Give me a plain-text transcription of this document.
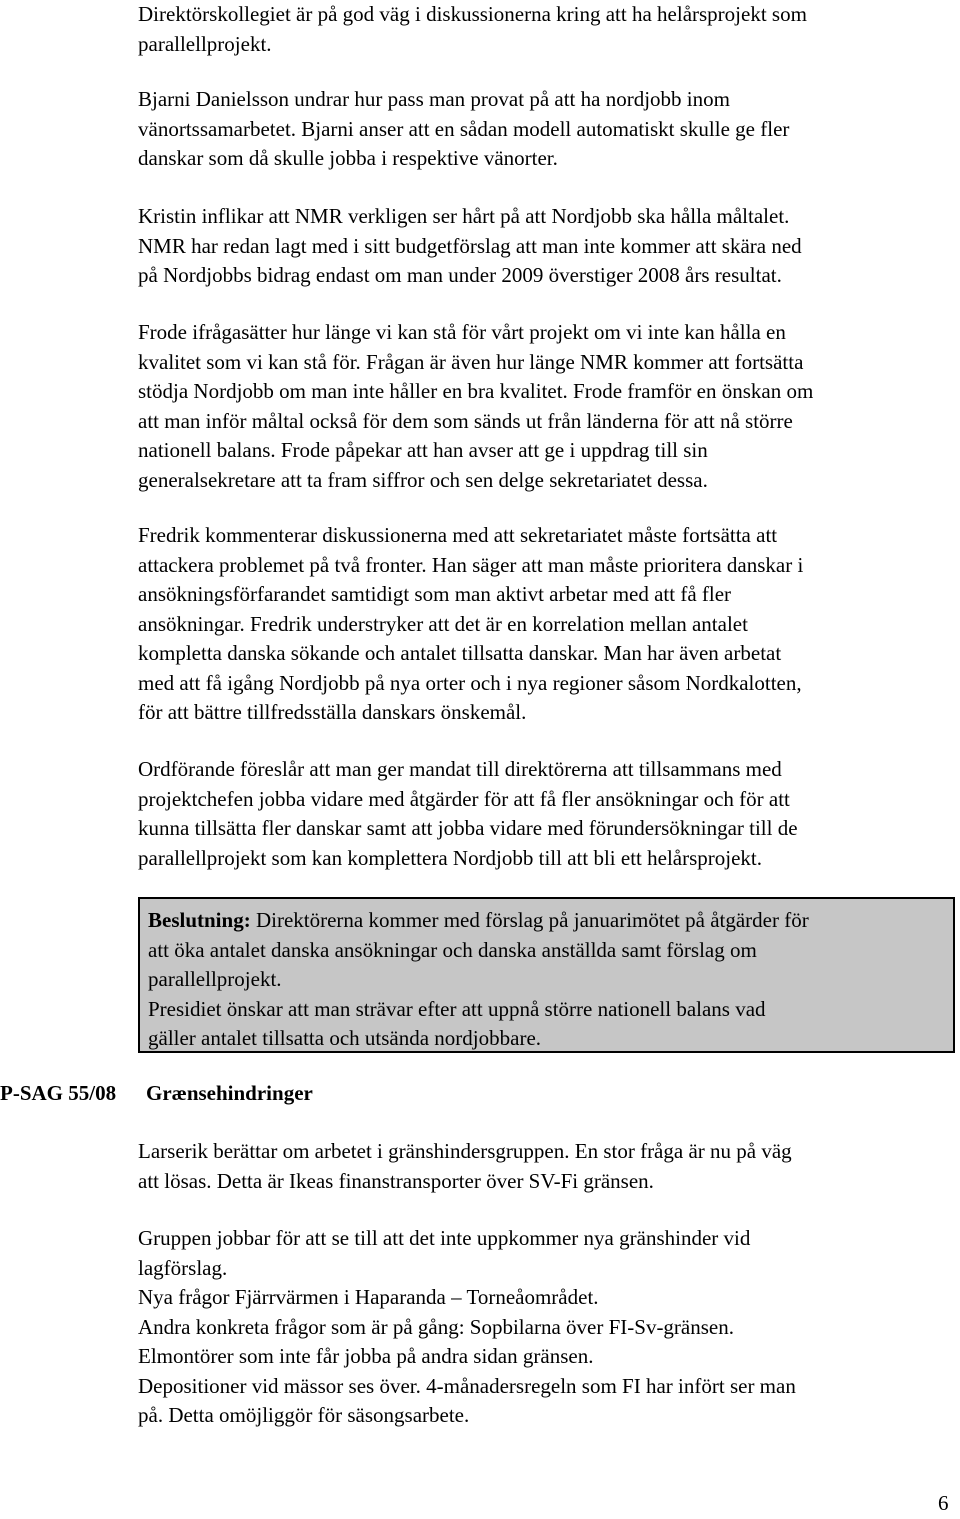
Direktörskollegiet är på god väg i diskussionerna kring att ha helårsprojekt som
parallellprojekt.
Bjarni Danielsson undrar hur pass man provat på att ha nordjobb inom
vänortssamarbetet. Bjarni anser att en sådan modell automatiskt skulle ge fler
danskar som då skulle jobba i respektive vänorter.
Kristin inflikar att NMR verkligen ser hårt på att Nordjobb ska hålla måltalet.
NMR har redan lagt med i sitt budgetförslag att man inte kommer att skära ned
på Nordjobbs bidrag endast om man under 2009 överstiger 2008 års resultat.
Frode ifrågasätter hur länge vi kan stå för vårt projekt om vi inte kan hålla en
kvalitet som vi kan stå för. Frågan är även hur länge NMR kommer att fortsätta
stödja Nordjobb om man inte håller en bra kvalitet. Frode framför en önskan om
att man inför måltal också för dem som sänds ut från länderna för att nå större
nationell balans. Frode påpekar att han avser att ge i uppdrag till sin
generalsekretare att ta fram siffror och sen delge sekretariatet dessa.
Fredrik kommenterar diskussionerna med att sekretariatet måste fortsätta att
attackera problemet på två fronter. Han säger att man måste prioritera danskar i
ansökningsförfarandet samtidigt som man aktivt arbetar med att få fler
ansökningar. Fredrik understryker att det är en korrelation mellan antalet
kompletta danska sökande och antalet tillsatta danskar. Man har även arbetat
med att få igång Nordjobb på nya orter och i nya regioner såsom Nordkalotten,
för att bättre tillfredsställa danskars önskemål.
Ordförande föreslår att man ger mandat till direktörerna att tillsammans med
projektchefen jobba vidare med åtgärder för att få fler ansökningar och för att
kunna tillsätta fler danskar samt att jobba vidare med förundersökningar till de
parallellprojekt som kan komplettera Nordjobb till att bli ett helårsprojekt.
Beslutning: Direktörerna kommer med förslag på januarimötet på åtgärder för
att öka antalet danska ansökningar och danska anställda samt förslag om
parallellprojekt.
Presidiet önskar att man strävar efter att uppnå större nationell balans vad
gäller antalet tillsatta och utsända nordjobbare.
P-SAG 55/08 Grænsehindringer
Larserik berättar om arbetet i gränshindersgruppen. En stor fråga är nu på väg
att lösas. Detta är Ikeas finanstransporter över SV-Fi gränsen.
Gruppen jobbar för att se till att det inte uppkommer nya gränshinder vid
lagförslag.
Nya frågor Fjärrvärmen i Haparanda – Torneåområdet.
Andra konkreta frågor som är på gång: Sopbilarna över FI-Sv-gränsen.
Elmontörer som inte får jobba på andra sidan gränsen.
Depositioner vid mässor ses över. 4-månadersregeln som FI har infört ser man
på. Detta omöjliggör för säsongsarbete.
6
